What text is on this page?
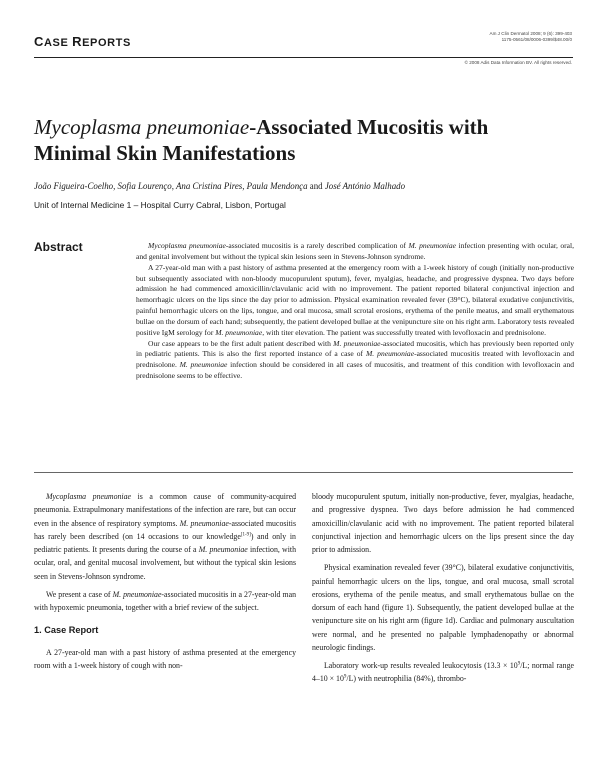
CASE REPORTS
Am J Clin Dermatol 2008; 9 (6): 399-403
1175-0561/08/0006-0399/$48.00/0
© 2008 Adis Data Information BV. All rights reserved.
Mycoplasma pneumoniae-Associated Mucositis with
Minimal Skin Manifestations
João Figueira-Coelho, Sofia Lourenço, Ana Cristina Pires, Paula Mendonça and José António Malhado
Unit of Internal Medicine 1 – Hospital Curry Cabral, Lisbon, Portugal
Abstract	Mycoplasma pneumoniae-associated mucositis is a rarely described complication of M. pneumoniae infection presenting with ocular, oral, and genital involvement but without the typical skin lesions seen in Stevens-Johnson syndrome.

A 27-year-old man with a past history of asthma presented at the emergency room with a 1-week history of cough (initially non-productive but subsequently associated with non-bloody mucopurulent sputum), fever, myalgias, headache, and progressive dyspnea. Two days before admission he had commenced amoxicillin/clavulanic acid with no improvement. The patient reported bilateral conjunctival injection and hemorrhagic ulcers on the lips since the day prior to admission. Physical examination revealed fever (39°C), bilateral exudative conjunctivitis, painful hemorrhagic ulcers on the lips, tongue, and oral mucosa, small scrotal erosions, erythema of the penile meatus, and small erythematous bullae on the dorsum of each hand; subsequently, the patient developed bullae at the venipuncture site on his right arm. Laboratory tests revealed positive IgM serology for M. pneumoniae, with titer elevation. The patient was successfully treated with levofloxacin and prednisolone.

Our case appears to be the first adult patient described with M. pneumoniae-associated mucositis, which has previously been reported only in pediatric patients. This is also the first reported instance of a case of M. pneumoniae-associated mucositis treated with levofloxacin and prednisolone. M. pneumoniae infection should be considered in all cases of mucositis, and treatment of this condition with levofloxacin and prednisolone seems to be effective.

Mycoplasma pneumoniae is a common cause of community-acquired pneumonia. Extrapulmonary manifestations of the infection are rare, but can occur even in the absence of respiratory symptoms. M. pneumoniae-associated mucositis has rarely been described (on 14 occasions to our knowledge[1-9]) and only in pediatric patients. It presents during the course of a M. pneumoniae infection, with ocular, oral, and genital mucosal involvement, but without the typical skin lesions seen in Stevens-Johnson syndrome.

We present a case of M. pneumoniae-associated mucositis in a 27-year-old man with hypoxemic pneumonia, together with a brief review of the subject.

1. Case Report

A 27-year-old man with a past history of asthma presented at the emergency room with a 1-week history of cough with non-

bloody mucopurulent sputum, initially non-productive, fever, myalgias, headache, and progressive dyspnea. Two days before admission he had commenced amoxicillin/clavulanic acid with no improvement. The patient reported bilateral conjunctival injection and hemorrhagic ulcers on the lips present since the day prior to admission.

Physical examination revealed fever (39°C), bilateral exudative conjunctivitis, painful hemorrhagic ulcers on the lips, tongue, and oral mucosa, small scrotal erosions, erythema of the penile meatus, and small erythematous bullae on the dorsum of each hand (figure 1). Subsequently, the patient developed bullae at the venipuncture site on his right arm (figure 1d). Cardiac and pulmonary auscultation were normal, and he presented no palpable lymphadenopathy or abnormal neurologic findings.

Laboratory work-up results revealed leukocytosis ($13.3 \times 10^9/L$; normal range $4-10 \times 10^9/L$) with neutrophilia (84%), thrombo-
